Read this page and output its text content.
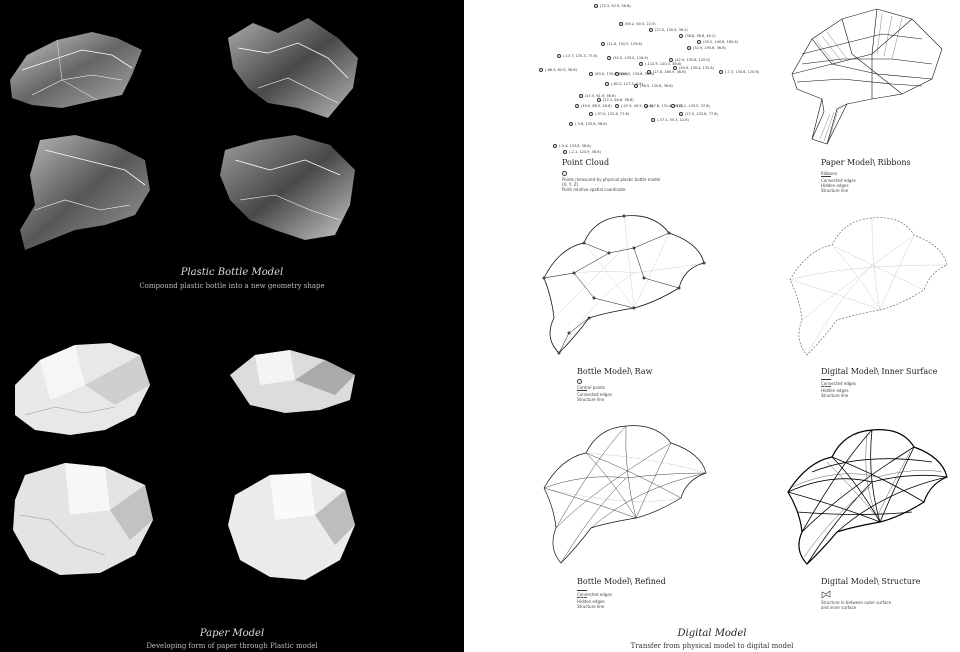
Plastic Bottle Model
Compound plastic bottle into a new geometry shape
Paper Model
Developing form of paper through Plastic model
(72.3, 52.9, 36.6)
(63.2, 60.5, 22.5)
(38.8, 36.6, 40.2)
(27.5, 130.5, 36.2)
(35.5, 140.8, 160.6)
(11.8, 150.5, 129.6)
(32.9, 190.6, 36.6)
(-13.7, 135.3, 77.6)	(52.0, 135.0, 116.9)
(-112.9, 120.3, 36.6)
(42.9, 135.6, 120.9)
(27.8, 165.9, 36.6)
(40.9, 130.4, 135.6)
(-7.3, 135.6, 120.6)
(-68.5, 82.9, 36.6)
(40.3, 130.6, 36.6)
(83.0, 130.6, 86.6)
(36.5, 130.6, 36.6)
(-82.0, 127.5, 0.6)
(47.5, 61.9, 36.6)
(27.2, 64.6, 36.6)
(40.0, 68.5, 26.6)	(-47.9, 40.5, 12.6)
(87.6, 131.6, 26.6)
(25.1, 135.5, 37.6)
(-57.0, 132.6, 77.6)	(27.5, 132.6, 77.6)
(-37.1, 55.3, 12.6)
(-3.6, 133.8, 36.6)
(-3.4, 133.8, 36.6)
(-2.1, 123.9, 36.6)
Point Cloud
Points measured by physical plastic bottle model
(X, Y, Z)
Point relative spatial coordinate
Paper Model\ Ribbons
Ribbons
Connected edges
Hidden edges
Structure line
Bottle Model\ Raw
Control points
Connected edges
Structure line
Digital Model\ Inner Surface
Connected edges
Hidden edges
Structure line
Bottle Model\ Refined
Connected edges
Hidden edges
Structure line
Digital Model\ Structure
Structure in between outer surface
and inner surface
Digital Model
Transfer from physical model to digital model
